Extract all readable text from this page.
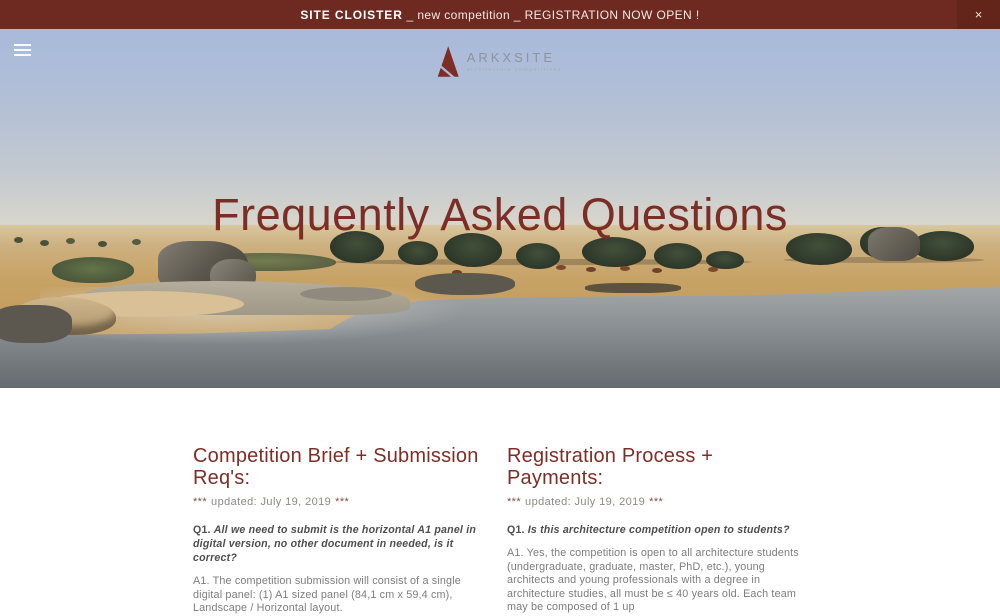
SITE CLOISTER _ new competition _ REGISTRATION NOW OPEN !	×
ARKXSITE
architecture competitions
Frequently Asked Questions
Competition Brief + Submission Req's:

*** updated: July 19, 2019 ***

Q1. All we need to submit is the horizontal A1 panel in digital version, no other document in needed, is it correct?

A1. The competition submission will consist of a single digital panel: (1) A1 sized panel (84,1 cm x 59,4 cm), Landscape / Horizontal layout.

Registration Process + Payments:

*** updated: July 19, 2019 ***

Q1. Is this architecture competition open to students?

A1. Yes, the competition is open to all architecture students (undergraduate, graduate, master, PhD, etc.), young architects and young professionals with a degree in architecture studies, all must be ≤ 40 years old. Each team may be composed of 1 up
